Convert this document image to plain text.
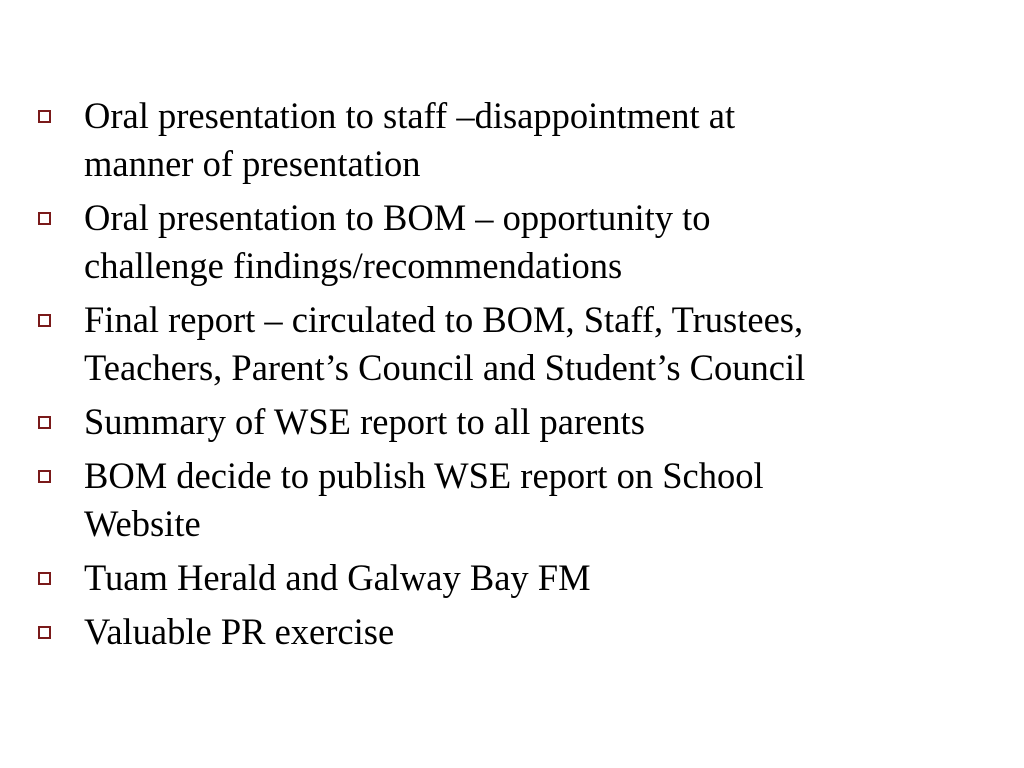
Oral presentation to staff –disappointment at
manner of presentation
Oral presentation to BOM – opportunity to
challenge findings/recommendations
Final report – circulated to BOM, Staff, Trustees,
Teachers, Parent’s Council and Student’s Council
Summary of WSE report to all parents
BOM decide to publish WSE report on School
Website
Tuam Herald and Galway Bay FM
Valuable PR exercise
